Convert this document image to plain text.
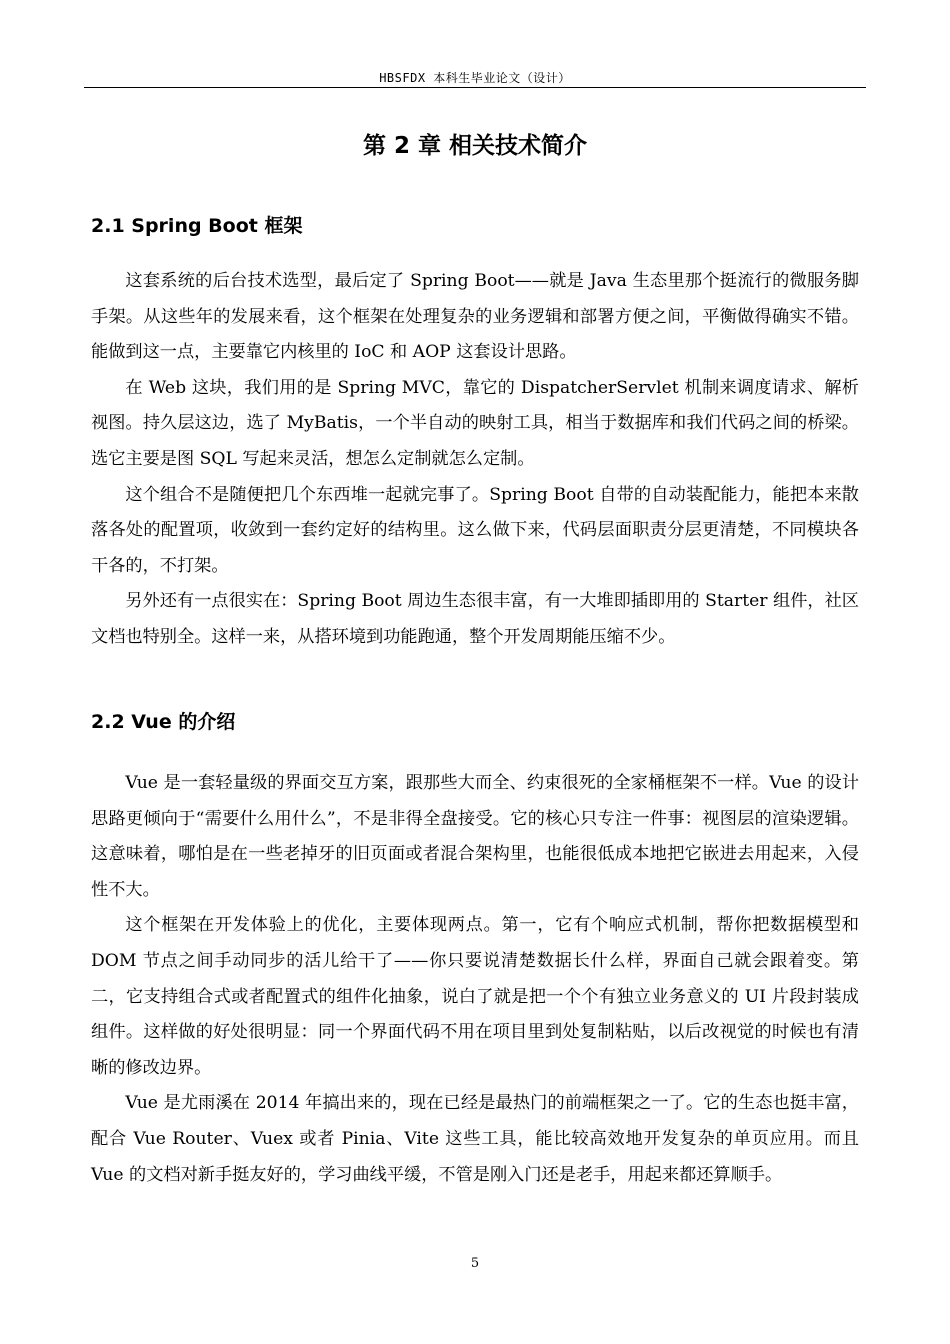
HBSFDX 本科生毕业论文（设计）
第 2 章 相关技术简介
2.1 Spring Boot 框架

这套系统的后台技术选型，最后定了 Spring Boot——就是 Java 生态里那个挺流行的微服务脚手架。从这些年的发展来看，这个框架在处理复杂的业务逻辑和部署方便之间，平衡做得确实不错。能做到这一点，主要靠它内核里的 IoC 和 AOP 这套设计思路。

在 Web 这块，我们用的是 Spring MVC，靠它的 DispatcherServlet 机制来调度请求、解析视图。持久层这边，选了 MyBatis，一个半自动的映射工具，相当于数据库和我们代码之间的桥梁。选它主要是图 SQL 写起来灵活，想怎么定制就怎么定制。

这个组合不是随便把几个东西堆一起就完事了。Spring Boot 自带的自动装配能力，能把本来散落各处的配置项，收敛到一套约定好的结构里。这么做下来，代码层面职责分层更清楚，不同模块各干各的，不打架。

另外还有一点很实在：Spring Boot 周边生态很丰富，有一大堆即插即用的 Starter 组件，社区文档也特别全。这样一来，从搭环境到功能跑通，整个开发周期能压缩不少。

2.2 Vue 的介绍

Vue 是一套轻量级的界面交互方案，跟那些大而全、约束很死的全家桶框架不一样。Vue 的设计思路更倾向于“需要什么用什么”，不是非得全盘接受。它的核心只专注一件事：视图层的渲染逻辑。这意味着，哪怕是在一些老掉牙的旧页面或者混合架构里，也能很低成本地把它嵌进去用起来，入侵性不大。

这个框架在开发体验上的优化，主要体现两点。第一，它有个响应式机制，帮你把数据模型和 DOM 节点之间手动同步的活儿给干了——你只要说清楚数据长什么样，界面自己就会跟着变。第二，它支持组合式或者配置式的组件化抽象，说白了就是把一个个有独立业务意义的 UI 片段封装成组件。这样做的好处很明显：同一个界面代码不用在项目里到处复制粘贴，以后改视觉的时候也有清晰的修改边界。

Vue 是尤雨溪在 2014 年搞出来的，现在已经是最热门的前端框架之一了。它的生态也挺丰富，配合 Vue Router、Vuex 或者 Pinia、Vite 这些工具，能比较高效地开发复杂的单页应用。而且 Vue 的文档对新手挺友好的，学习曲线平缓，不管是刚入门还是老手，用起来都还算顺手。

5
